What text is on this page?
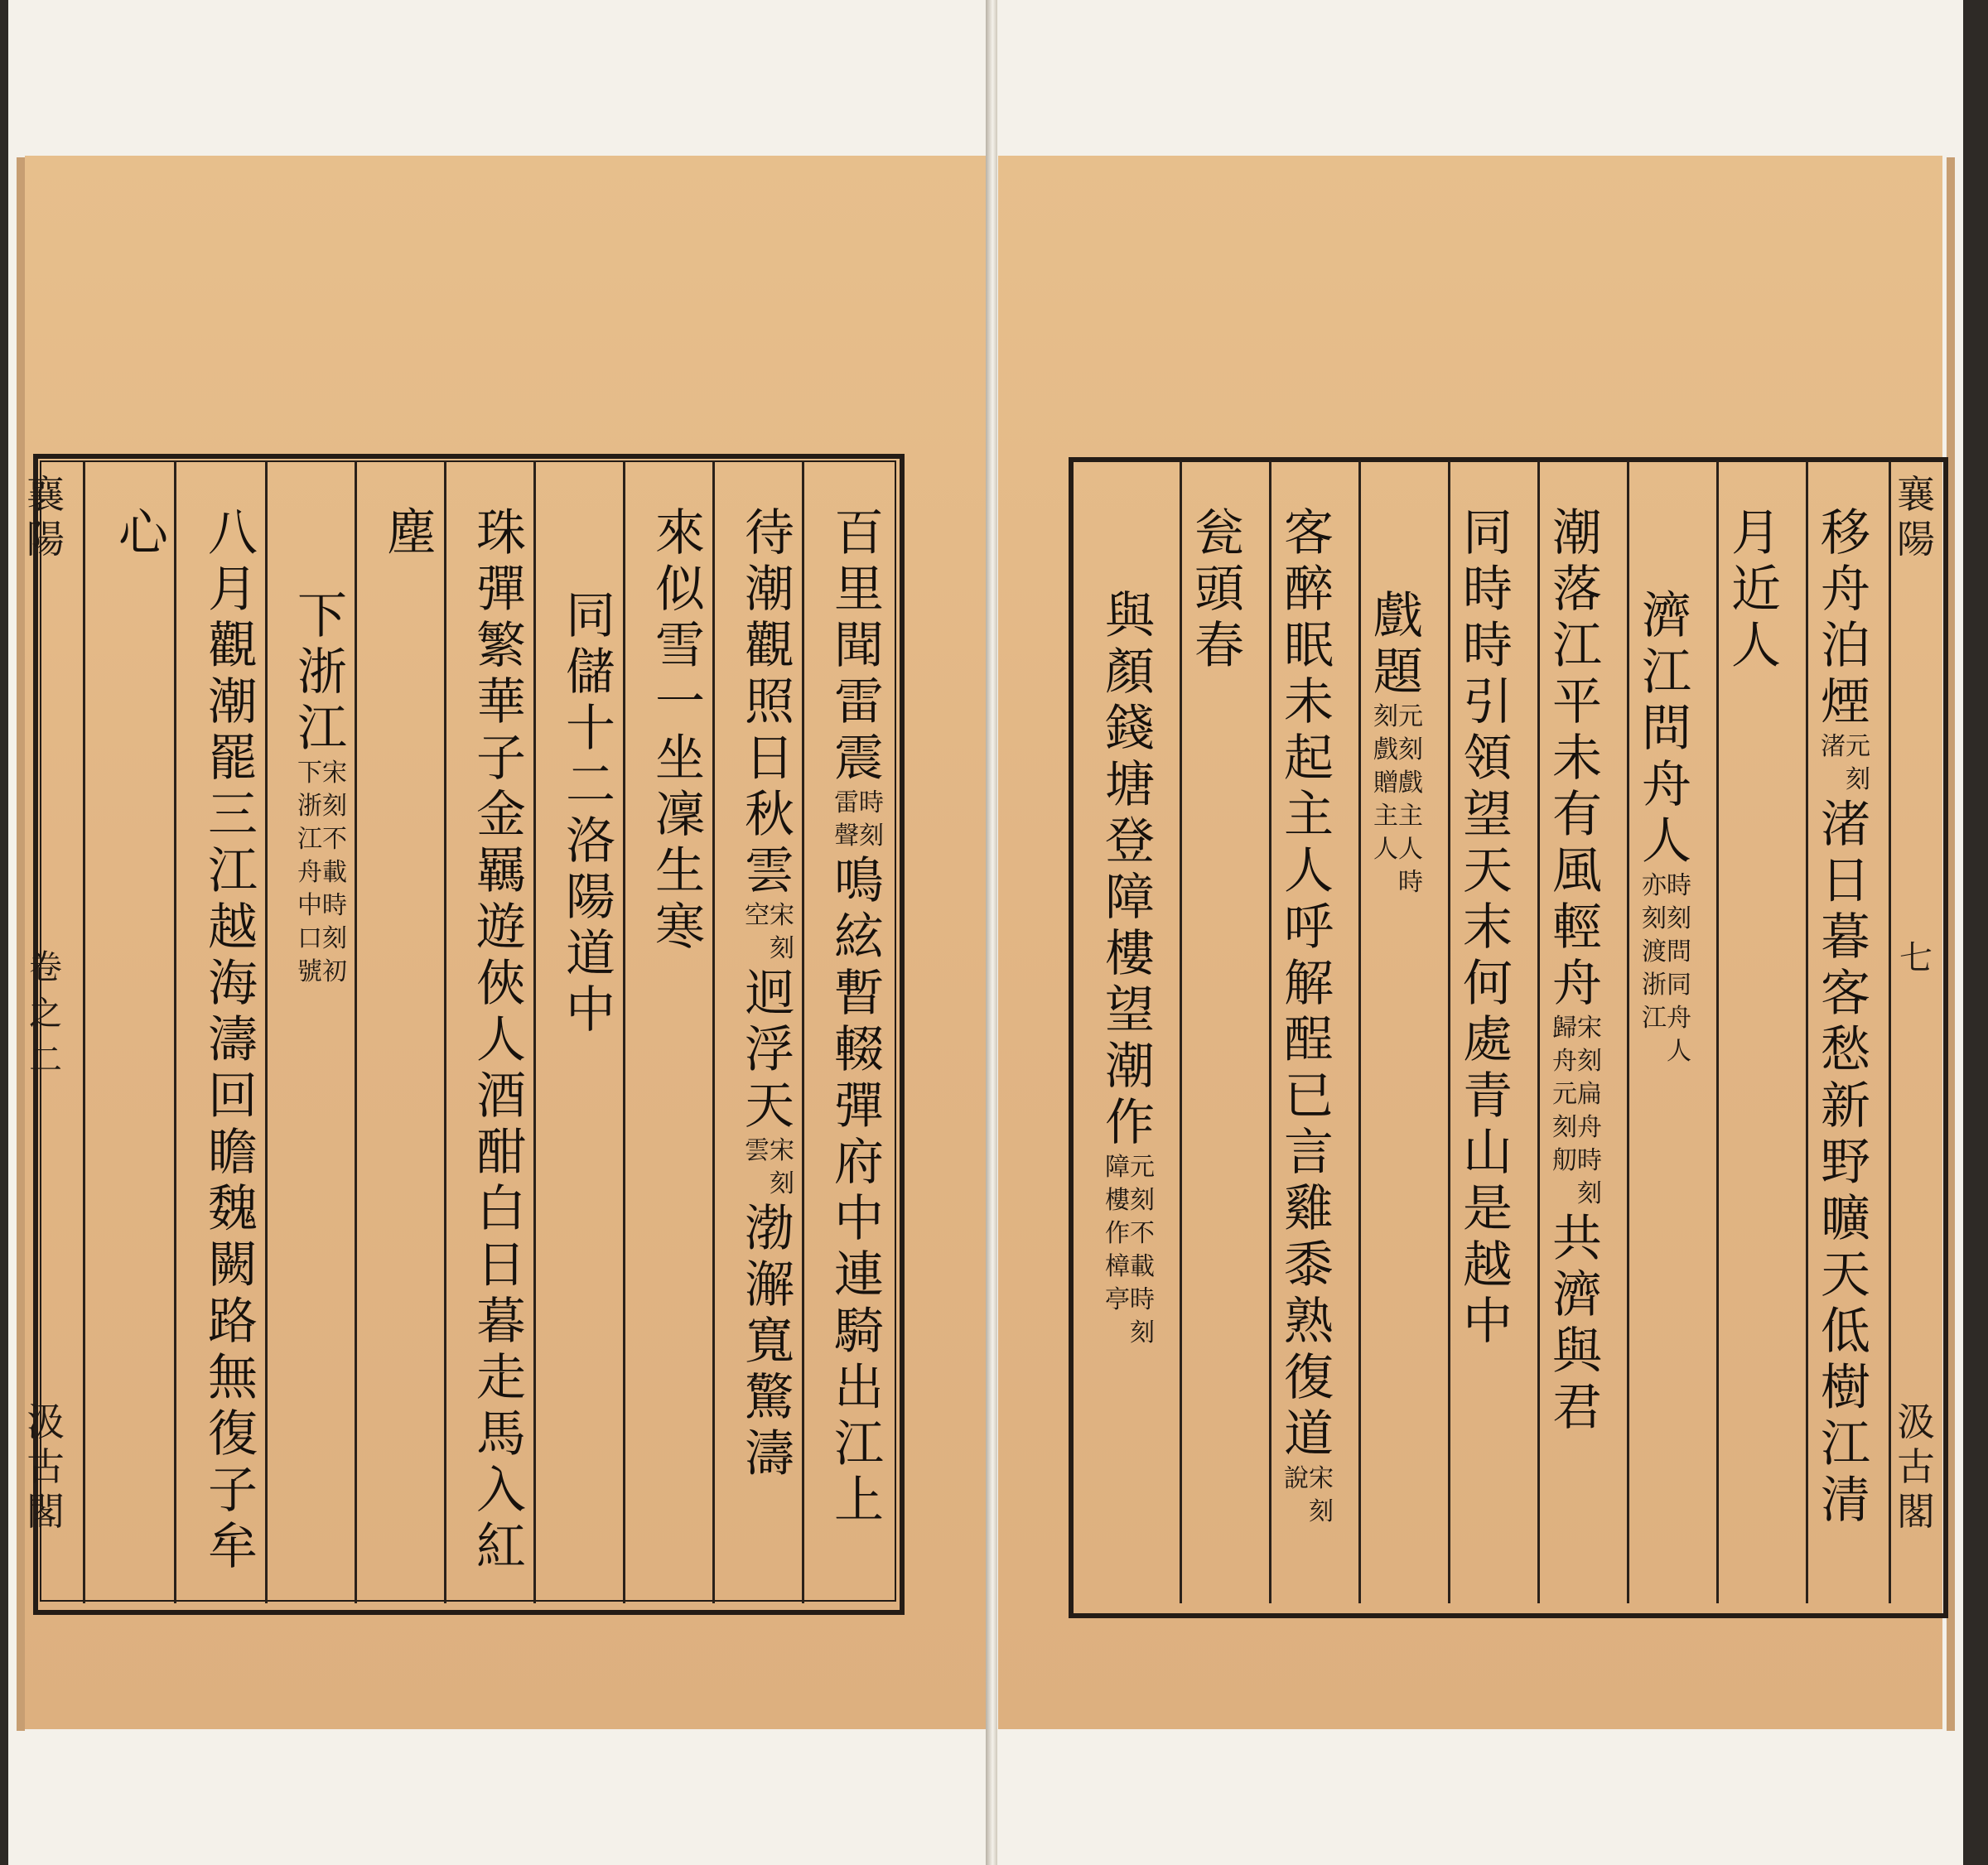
襄陽
卷之二
汲古閣
百里聞雷震
時刻
雷聲
鳴絃暫輟彈府中連騎出江上
待潮觀照日秋雲
宋刻
空
迥浮天
宋刻
雲
渤澥寬驚濤
來似雪一坐凜生寒
同儲十二洛陽道中
珠彈繁華子金羈遊俠人酒酣白日暮走馬入紅
塵
下浙江
宋刻不載時刻初
下浙江舟中口號
八月觀潮罷三江越海濤回瞻魏闕路無復子牟
心
襄陽
七
汲古閣
移舟泊煙
元刻
渚
渚日暮客愁新野曠天低樹江清
月近人
濟江問舟人
時刻問同舟人
亦刻渡浙江
潮落江平未有風輕舟
宋刻扁舟時刻
歸舟元刻舠
共濟與君
同時時引領望天末何處青山是越中
戲題
元刻戲主人時
刻戲贈主人
客醉眠未起主人呼解酲已言雞黍熟復道
宋刻
說
瓮頭春
與顏錢塘登障樓望潮作
元刻不載時刻
障樓作樟亭
